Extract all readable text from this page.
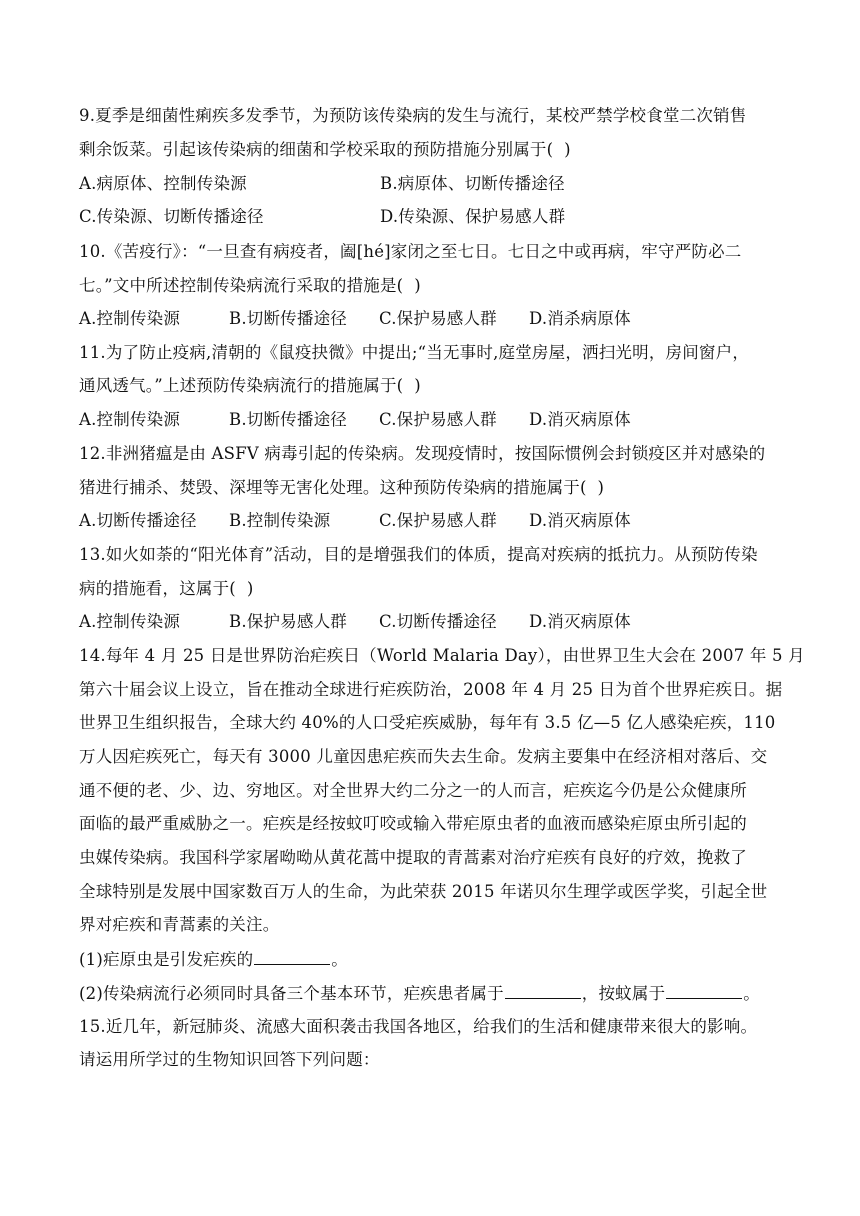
9.夏季是细菌性痢疾多发季节，为预防该传染病的发生与流行，某校严禁学校食堂二次销售
剩余饭菜。引起该传染病的细菌和学校采取的预防措施分别属于(  )
A.病原体、控制传染源	B.病原体、切断传播途径
C.传染源、切断传播途径	D.传染源、保护易感人群
10.《苦疫行》：“一旦查有病疫者，阖[hé]家闭之至七日。七日之中或再病，牢守严防必二
七。”文中所述控制传染病流行采取的措施是(  )
A.控制传染源	B.切断传播途径 C.保护易感人群 D.消杀病原体
11.为了防止疫病,清朝的《鼠疫抉微》中提出;“当无事时,庭堂房屋，洒扫光明，房间窗户，
通风透气。”上述预防传染病流行的措施属于(  )
A.控制传染源	B.切断传播途径 C.保护易感人群 D.消灭病原体
12.非洲猪瘟是由 ASFV 病毒引起的传染病。发现疫情时，按国际惯例会封锁疫区并对感染的
猪进行捕杀、焚毁、深埋等无害化处理。这种预防传染病的措施属于(  )
A.切断传播途径 B.控制传染源	C.保护易感人群 D.消灭病原体
13.如火如荼的“阳光体育”活动，目的是增强我们的体质，提高对疾病的抵抗力。从预防传染
病的措施看，这属于(  )
A.控制传染源	B.保护易感人群 C.切断传播途径 D.消灭病原体
14.每年 4 月 25 日是世界防治疟疾日（World Malaria Day），由世界卫生大会在 2007 年 5 月
第六十届会议上设立，旨在推动全球进行疟疾防治，2008 年 4 月 25 日为首个世界疟疾日。据
世界卫生组织报告，全球大约 40%的人口受疟疾威胁，每年有 3.5 亿—5 亿人感染疟疾，110
万人因疟疾死亡，每天有 3000 儿童因患疟疾而失去生命。发病主要集中在经济相对落后、交
通不便的老、少、边、穷地区。对全世界大约二分之一的人而言，疟疾迄今仍是公众健康所
面临的最严重威胁之一。疟疾是经按蚊叮咬或输入带疟原虫者的血液而感染疟原虫所引起的
虫媒传染病。我国科学家屠呦呦从黄花蒿中提取的青蒿素对治疗疟疾有良好的疗效，挽救了
全球特别是发展中国家数百万人的生命，为此荣获 2015 年诺贝尔生理学或医学奖，引起全世
界对疟疾和青蒿素的关注。
(1)疟原虫是引发疟疾的	。
(2)传染病流行必须同时具备三个基本环节，疟疾患者属于	，按蚊属于	。
15.近几年，新冠肺炎、流感大面积袭击我国各地区，给我们的生活和健康带来很大的影响。
请运用所学过的生物知识回答下列问题：
